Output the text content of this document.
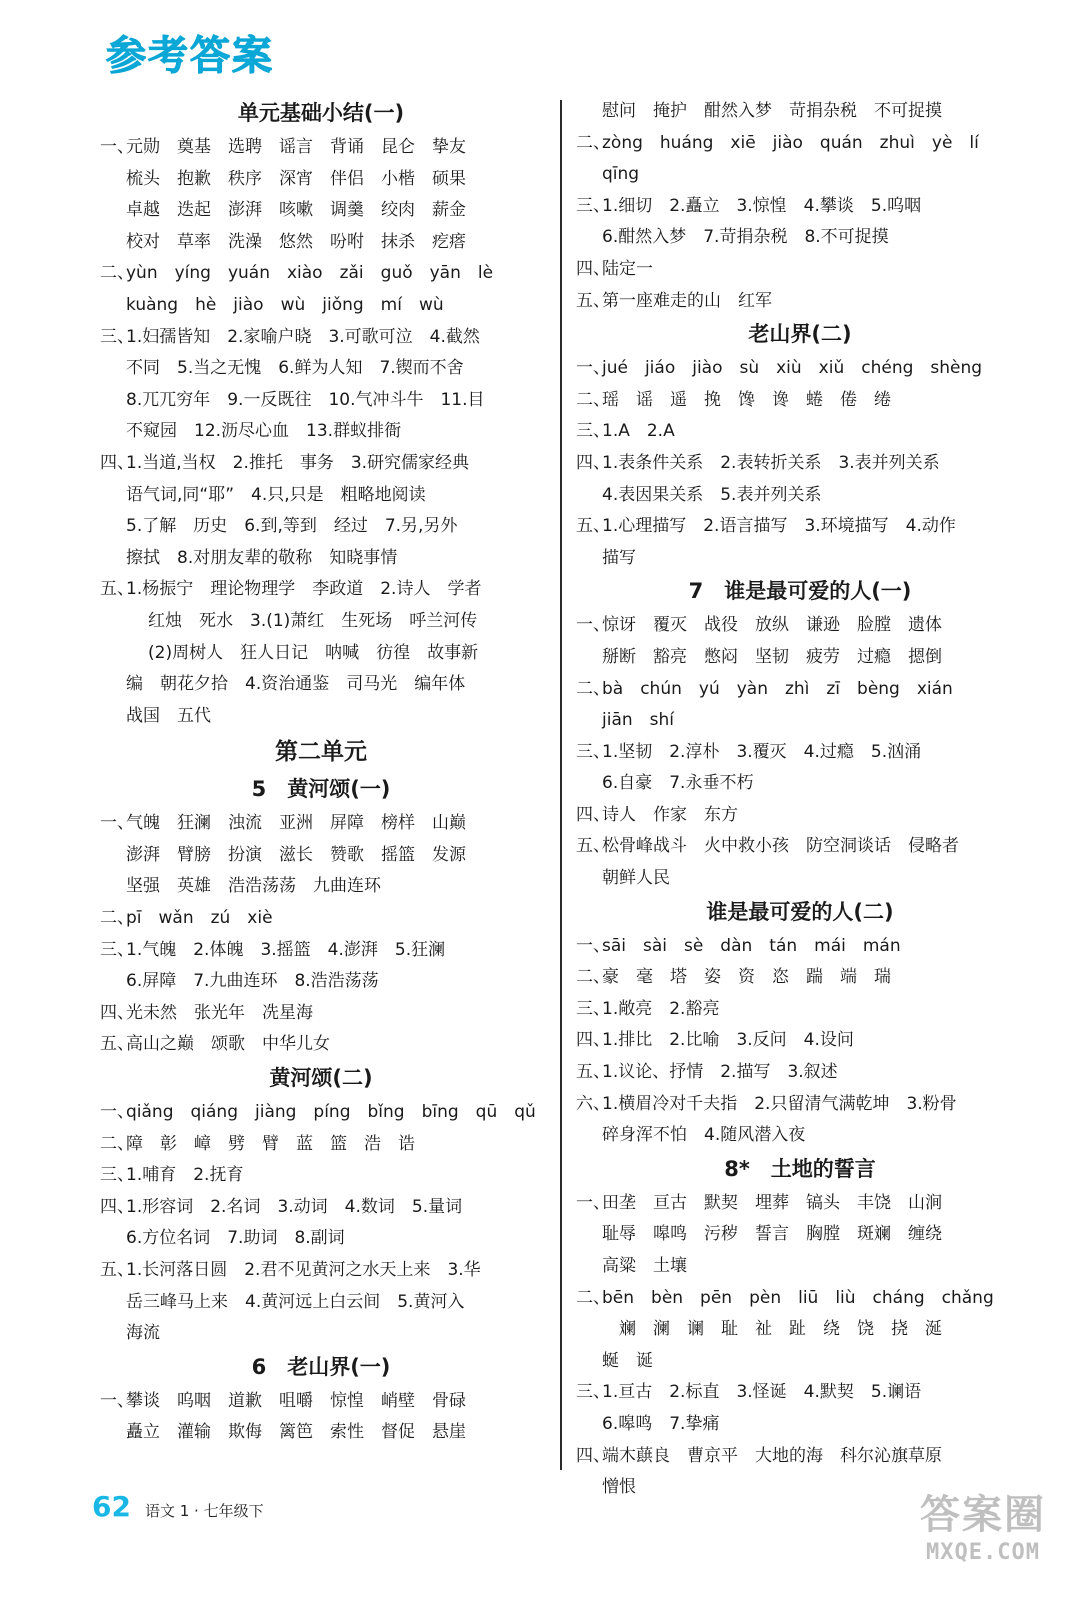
参考答案
单元基础小结(一)
一、元勋　奠基　选聘　谣言　背诵　昆仑　挚友
梳头　抱歉　秩序　深宵　伴侣　小楷　硕果
卓越　迭起　澎湃　咳嗽　调羹　绞肉　薪金
校对　草率　洗澡　悠然　吩咐　抹杀　疙瘩
二、yùn　yíng　yuán　xiào　zǎi　guǒ　yān　lè
kuàng　hè　jiào　wù　jiǒng　mí　wù
三、1.妇孺皆知　2.家喻户晓　3.可歌可泣　4.截然
不同　5.当之无愧　6.鲜为人知　7.锲而不舍
8.兀兀穷年　9.一反既往　10.气冲斗牛　11.目
不窥园　12.沥尽心血　13.群蚁排衙
四、1.当道,当权　2.推托　事务　3.研究儒家经典
语气词,同“耶”　4.只,只是　粗略地阅读
5.了解　历史　6.到,等到　经过　7.另,另外
擦拭　8.对朋友辈的敬称　知晓事情
五、1.杨振宁　理论物理学　李政道　2.诗人　学者
红烛　死水　3.(1)萧红　生死场　呼兰河传
(2)周树人　狂人日记　呐喊　彷徨　故事新
编　朝花夕拾　4.资治通鉴　司马光　编年体
战国　五代
第二单元
5　黄河颂(一)
一、气魄　狂澜　浊流　亚洲　屏障　榜样　山巅
澎湃　臂膀　扮演　滋长　赞歌　摇篮　发源
坚强　英雄　浩浩荡荡　九曲连环
二、pī　wǎn　zú　xiè
三、1.气魄　2.体魄　3.摇篮　4.澎湃　5.狂澜
6.屏障　7.九曲连环　8.浩浩荡荡
四、光未然　张光年　冼星海
五、高山之巅　颂歌　中华儿女
黄河颂(二)
一、qiǎng　qiáng　jiàng　píng　bǐng　bīng　qū　qǔ
二、障　彰　嶂　劈　臂　蓝　篮　浩　诰
三、1.哺育　2.抚育
四、1.形容词　2.名词　3.动词　4.数词　5.量词
6.方位名词　7.助词　8.副词
五、1.长河落日圆　2.君不见黄河之水天上来　3.华
岳三峰马上来　4.黄河远上白云间　5.黄河入
海流
6　老山界(一)
一、攀谈　呜咽　道歉　咀嚼　惊惶　峭壁　骨碌
矗立　灌输　欺侮　篱笆　索性　督促　悬崖
慰问　掩护　酣然入梦　苛捐杂税　不可捉摸
二、zòng　huáng　xiē　jiào　quán　zhuì　yè　lí
qīng
三、1.细切　2.矗立　3.惊惶　4.攀谈　5.呜咽
6.酣然入梦　7.苛捐杂税　8.不可捉摸
四、陆定一
五、第一座难走的山　红军
老山界(二)
一、jué　jiáo　jiào　sù　xiù　xiǔ　chéng　shèng
二、瑶　谣　遥　挽　馋　谗　蜷　倦　绻
三、1.A　2.A
四、1.表条件关系　2.表转折关系　3.表并列关系
4.表因果关系　5.表并列关系
五、1.心理描写　2.语言描写　3.环境描写　4.动作
描写
7　谁是最可爱的人(一)
一、惊讶　覆灭　战役　放纵　谦逊　脸膛　遗体
掰断　豁亮　憋闷　坚韧　疲劳　过瘾　摁倒
二、bà　chún　yú　yàn　zhì　zī　bèng　xián
jiān　shí
三、1.坚韧　2.淳朴　3.覆灭　4.过瘾　5.汹涌
6.自豪　7.永垂不朽
四、诗人　作家　东方
五、松骨峰战斗　火中救小孩　防空洞谈话　侵略者
朝鲜人民
谁是最可爱的人(二)
一、sāi　sài　sè　dàn　tán　mái　mán
二、豪　毫　塔　姿　资　恣　踹　端　瑞
三、1.敞亮　2.豁亮
四、1.排比　2.比喻　3.反问　4.设问
五、1.议论、抒情　2.描写　3.叙述
六、1.横眉冷对千夫指　2.只留清气满乾坤　3.粉骨
碎身浑不怕　4.随风潜入夜
8*　土地的誓言
一、田垄　亘古　默契　埋葬　镐头　丰饶　山涧
耻辱　嗥鸣　污秽　誓言　胸膛　斑斓　缠绕
高粱　土壤
二、bēn　bèn　pēn　pèn　liū　liù　cháng　chǎng
　斓　澜　谰　耻　祉　趾　绕　饶　挠　涎
蜒　诞
三、1.亘古　2.标直　3.怪诞　4.默契　5.谰语
6.嗥鸣　7.挚痛
四、端木蕻良　曹京平　大地的海　科尔沁旗草原
憎恨
62 语文 1 · 七年级下	答案圈
MXQE.COM
